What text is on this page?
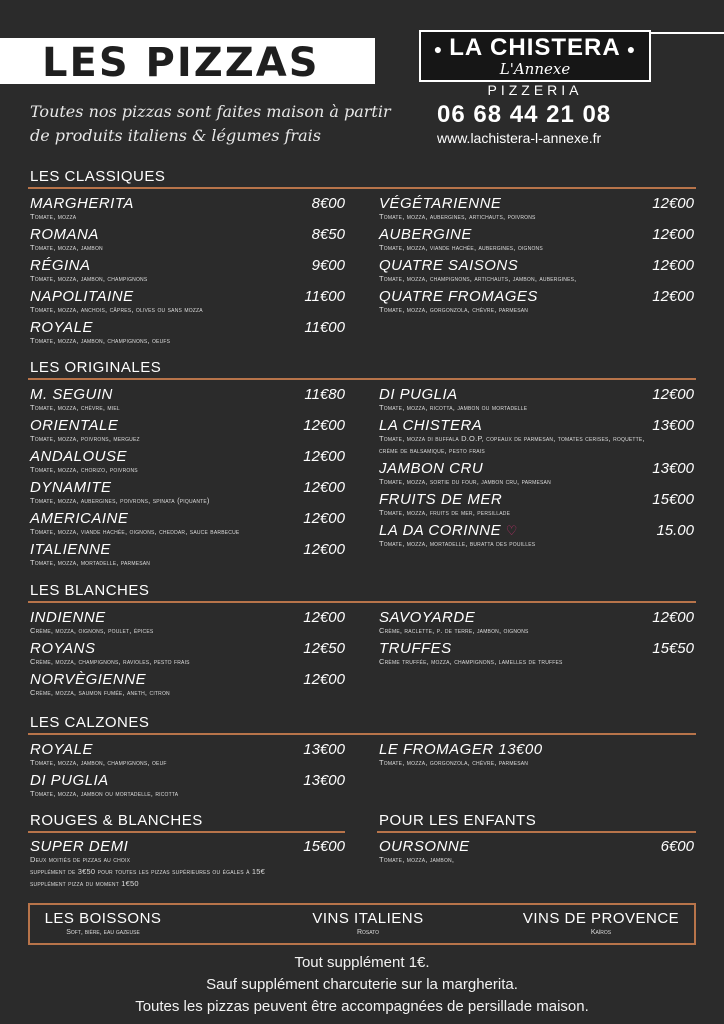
LES PIZZAS	● LA CHISTERA ●
L'Annexe
PIZZERIA
06 68 44 21 08
www.lachistera-l-annexe.fr
Toutes nos pizzas sont faites maison à partir
de produits italiens & légumes frais
LES CLASSIQUES
MARGHERITA	8€00
Tomate, mozza
ROMANA	8€50
Tomate, mozza, jambon
RÉGINA	9€00
Tomate, mozza, jambon, champignons
NAPOLITAINE	11€00
Tomate, mozza, anchois, câpres, olives ou sans mozza
ROYALE	11€00
Tomate, mozza, jambon, champignons, oeufs
VÉGÉTARIENNE	12€00
Tomate, mozza, aubergines, artichauts, poivrons
AUBERGINE	12€00
Tomate, mozza, viande hachée, aubergines, oignons
QUATRE SAISONS	12€00
Tomate, mozza, champignons, artichauts, jambon, aubergines,
QUATRE FROMAGES	12€00
Tomate, mozza, gorgonzola, chèvre, parmesan
LES ORIGINALES
M. SEGUIN	11€80
Tomate, mozza, chèvre, miel
ORIENTALE	12€00
Tomate, mozza, poivrons, merguez
ANDALOUSE	12€00
Tomate, mozza, chorizo, poivrons
DYNAMITE	12€00
Tomate, mozza, aubergines, poivrons, spinata (piquante)
AMERICAINE	12€00
Tomate, mozza, viande hachée, oignons, cheddar, sauce barbecue
ITALIENNE	12€00
Tomate, mozza, mortadelle, parmesan
DI PUGLIA	12€00
Tomate, mozza, ricotta, jambon ou mortadelle
LA CHISTERA	13€00
Tomate, mozza di buffala D.O.P, copeaux de parmesan, tomates cerises, roquette,
crème de balsamique, pesto frais
JAMBON CRU	13€00
Tomate, mozza, sortie du four, jambon cru, parmesan
FRUITS DE MER	15€00
Tomate, mozza, fruits de mer, persillade
LA DA CORINNE ♡	15.00
Tomate, mozza, mortadelle, buratta des pouilles
LES BLANCHES
INDIENNE	12€00
Crème, mozza, oignons, poulet, épices
ROYANS	12€50
Crème, mozza, champignons, ravioles, pesto frais
NORVÈGIENNE	12€00
Crème, mozza, saumon fumée, aneth, citron
SAVOYARDE	12€00
Crème, raclette, p. de terre, jambon, oignons
TRUFFES	15€50
Crème truffée, mozza, champignons, lamelles de truffes
LES CALZONES
ROYALE	13€00
Tomate, mozza, jambon, champignons, oeuf
DI PUGLIA	13€00
Tomate, mozza, jambon ou mortadelle, ricotta
LE FROMAGER 13€00
Tomate, mozza, gorgonzola, chèvre, parmesan
ROUGES & BLANCHES
SUPER DEMI	15€00
Deux moitiés de pizzas au choix
supplément de 3€50 pour toutes les pizzas supérieures ou égales à 15€
supplément pizza du moment 1€50
POUR LES ENFANTS
OURSONNE	6€00
Tomate, mozza, jambon,
LES BOISSONS
Soft, bière, eau gazeuse
VINS ITALIENS
Rosato
VINS DE PROVENCE
Kaïros
Tout supplément 1€.
Sauf supplément charcuterie sur la margherita.
Toutes les pizzas peuvent être accompagnées de persillade maison.
